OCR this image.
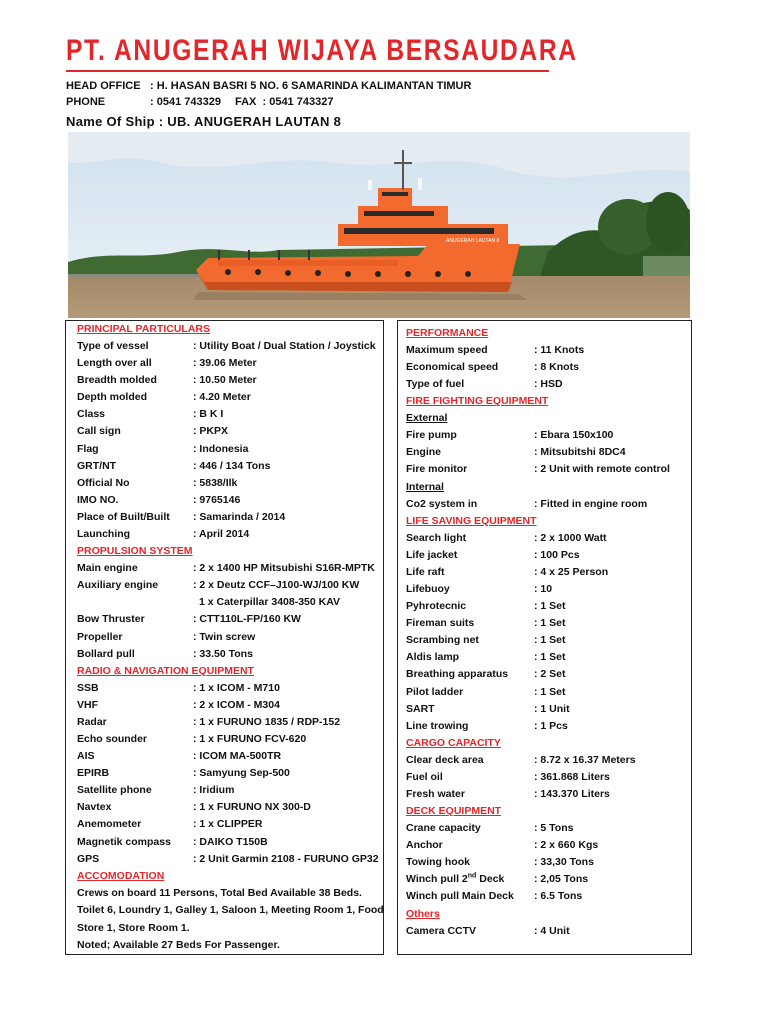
PT. ANUGERAH WIJAYA BERSAUDARA
HEAD OFFICE : H. HASAN BASRI 5 NO. 6 SAMARINDA KALIMANTAN TIMUR
PHONE	: 0541 743329 FAX : 0541 743327
Name Of Ship : UB. ANUGERAH LAUTAN 8
ANUGERAH LAUTAN 8
PRINCIPAL PARTICULARS
Type of vessel	: Utility Boat / Dual Station / Joystick
Length over all	: 39.06 Meter
Breadth molded	: 10.50 Meter
Depth molded	: 4.20 Meter
Class	: B K I
Call sign	: PKPX
Flag	: Indonesia
GRT/NT	: 446 / 134 Tons
Official No	: 5838/Ilk
IMO NO.	: 9765146
Place of Built/Built	: Samarinda / 2014
Launching	: April 2014
PROPULSION SYSTEM
Main engine	: 2 x 1400 HP Mitsubishi S16R-MPTK
Auxiliary engine	: 2 x Deutz CCF–J100-WJ/100 KW
1 x Caterpillar 3408-350 KAV
Bow Thruster	: CTT110L-FP/160 KW
Propeller	: Twin screw
Bollard pull	: 33.50 Tons
RADIO & NAVIGATION EQUIPMENT
SSB	: 1 x ICOM - M710
VHF	: 2 x ICOM - M304
Radar	: 1 x FURUNO 1835 / RDP-152
Echo sounder	: 1 x FURUNO FCV-620
AIS	: ICOM MA-500TR
EPIRB	: Samyung Sep-500
Satellite phone	: Iridium
Navtex	: 1 x FURUNO NX 300-D
Anemometer	: 1 x CLIPPER
Magnetik compass	: DAIKO T150B
GPS	: 2 Unit Garmin 2108 - FURUNO GP32
ACCOMODATION
Crews on board 11 Persons, Total Bed Available 38 Beds.
Toilet 6, Loundry 1, Galley 1, Saloon 1, Meeting Room 1, Food
Store 1, Store Room 1.
Noted; Available 27 Beds For Passenger.
PERFORMANCE
Maximum speed	: 11 Knots
Economical speed	: 8 Knots
Type of fuel	: HSD
FIRE FIGHTING EQUIPMENT
External
Fire pump	: Ebara 150x100
Engine	: Mitsubitshi 8DC4
Fire monitor	: 2 Unit with remote control
Internal
Co2 system in	: Fitted in engine room
LIFE SAVING EQUIPMENT
Search light	: 2 x 1000 Watt
Life jacket	: 100 Pcs
Life raft	: 4 x 25 Person
Lifebuoy	: 10
Pyhrotecnic	: 1 Set
Fireman suits	: 1 Set
Scrambing net	: 1 Set
Aldis lamp	: 1 Set
Breathing apparatus	: 2 Set
Pilot ladder	: 1 Set
SART	: 1 Unit
Line trowing	: 1 Pcs
CARGO CAPACITY
Clear deck area	: 8.72 x 16.37 Meters
Fuel oil	: 361.868 Liters
Fresh water	: 143.370 Liters
DECK EQUIPMENT
Crane capacity	: 5 Tons
Anchor	: 2 x 660 Kgs
Towing hook	: 33,30 Tons
Winch pull 2nd Deck	: 2,05 Tons
Winch pull Main Deck	: 6.5 Tons
Others
Camera CCTV	: 4 Unit
